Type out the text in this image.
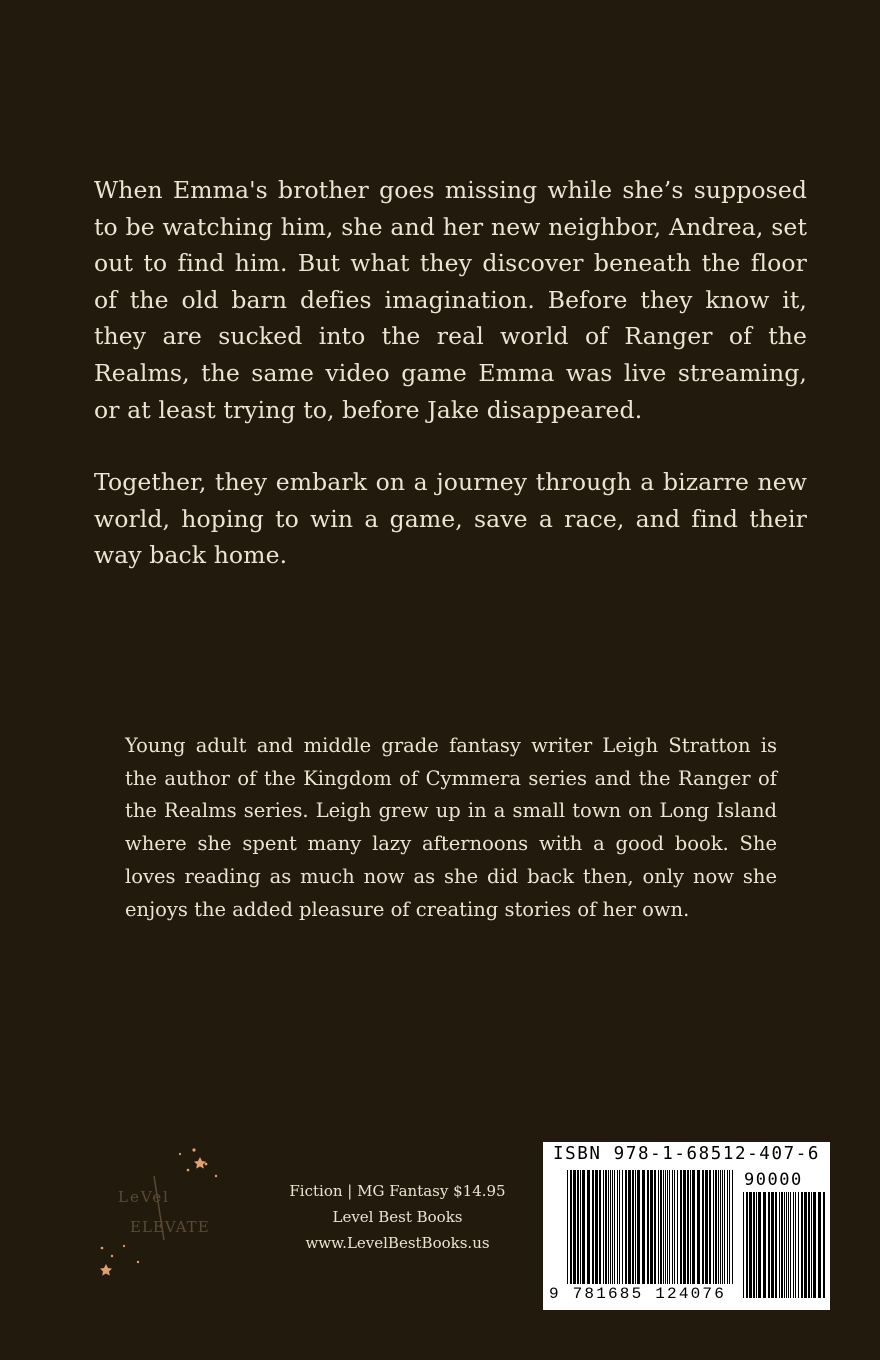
When Emma's brother goes missing while she’s supposed to be watching him, she and her new neighbor, Andrea, set out to find him. But what they discover beneath the floor of the old barn defies imagination. Before they know it, they are sucked into the real world of Ranger of the Realms, the same video game Emma was live streaming, or at least trying to, before Jake disappeared.

Together, they embark on a journey through a bizarre new world, hoping to win a game, save a race, and find their way back home.

Young adult and middle grade fantasy writer Leigh Stratton is the author of the Kingdom of Cymmera series and the Ranger of the Realms series. Leigh grew up in a small town on Long Island where she spent many lazy afternoons with a good book. She loves reading as much now as she did back then, only now she enjoys the added pleasure of creating stories of her own.

LeVel
ELEVATE
Fiction | MG Fantasy $14.95
Level Best Books
www.LevelBestBooks.us
ISBN 978-1-68512-407-6
90000
9 781685 124076
